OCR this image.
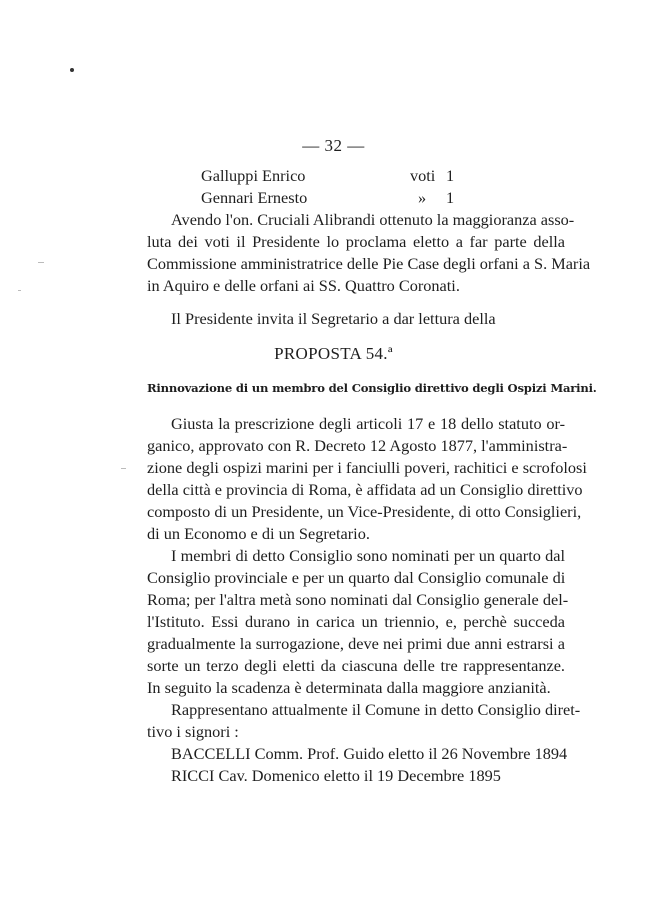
— 32 —
Galluppi Enrico	voti 1
Gennari Ernesto	» 1
Avendo l'on. Cruciali Alibrandi ottenuto la maggioranza asso-
luta dei voti il Presidente lo proclama eletto a far parte della
Commissione amministratrice delle Pie Case degli orfani a S. Maria
in Aquiro e delle orfani ai SS. Quattro Coronati.
Il Presidente invita il Segretario a dar lettura della
PROPOSTA 54.ª
Rinnovazione di un membro del Consiglio direttivo degli Ospizi Marini.
Giusta la prescrizione degli articoli 17 e 18 dello statuto or-
ganico, approvato con R. Decreto 12 Agosto 1877, l'amministra-
zione degli ospizi marini per i fanciulli poveri, rachitici e scrofolosi
della città e provincia di Roma, è affidata ad un Consiglio direttivo
composto di un Presidente, un Vice-Presidente, di otto Consiglieri,
di un Economo e di un Segretario.
I membri di detto Consiglio sono nominati per un quarto dal
Consiglio provinciale e per un quarto dal Consiglio comunale di
Roma; per l'altra metà sono nominati dal Consiglio generale del-
l'Istituto. Essi durano in carica un triennio, e, perchè succeda
gradualmente la surrogazione, deve nei primi due anni estrarsi a
sorte un terzo degli eletti da ciascuna delle tre rappresentanze.
In seguito la scadenza è determinata dalla maggiore anzianità.
Rappresentano attualmente il Comune in detto Consiglio diret-
tivo i signori :
BACCELLI Comm. Prof. Guido eletto il 26 Novembre 1894
RICCI Cav. Domenico eletto il 19 Decembre 1895
